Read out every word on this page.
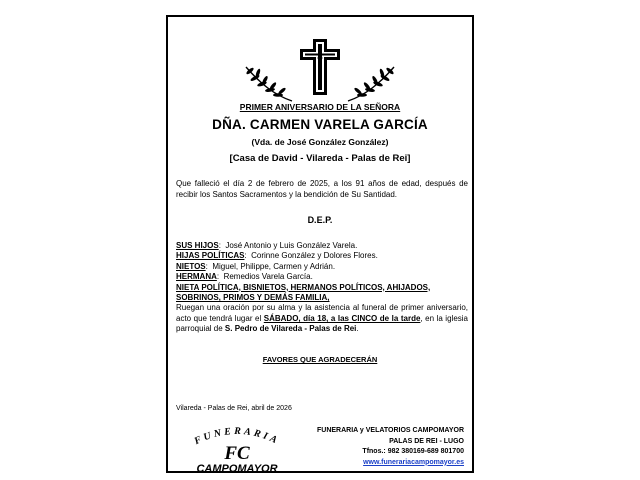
PRIMER ANIVERSARIO DE LA SEÑORA
DÑA. CARMEN VARELA GARCÍA
(Vda. de José González González)
[Casa de David - Vilareda - Palas de Rei]
Que falleció el día 2 de febrero de 2025, a los 91 años de edad, después de recibir los Santos Sacramentos y la bendición de Su Santidad.
D.E.P.
SUS HIJOS:  José Antonio y Luis González Varela.
HIJAS POLÍTICAS:  Corinne González y Dolores Flores.
NIETOS:  Miguel, Philippe, Carmen y Adrián.
HERMANA:  Remedios Varela García.
NIETA POLÍTICA, BISNIETOS, HERMANOS POLÍTICOS, AHIJADOS,
SOBRINOS, PRIMOS Y DEMÁS FAMILIA,
Ruegan una oración por su alma y la asistencia al funeral de primer aniversario, acto que tendrá lugar el SÁBADO, día 18, a las CINCO de la tarde, en la iglesia parroquial de S. Pedro de Vilareda - Palas de Rei.
FAVORES QUE AGRADECERÁN
Vilareda - Palas de Rei, abril de 2026
FUNERARIA
FC
CAMPOMAYOR
FUNERARIA y VELATORIOS CAMPOMAYOR
PALAS DE REI - LUGO
Tfnos.: 982 380169-689 801700
www.funerariacampomayor.es
